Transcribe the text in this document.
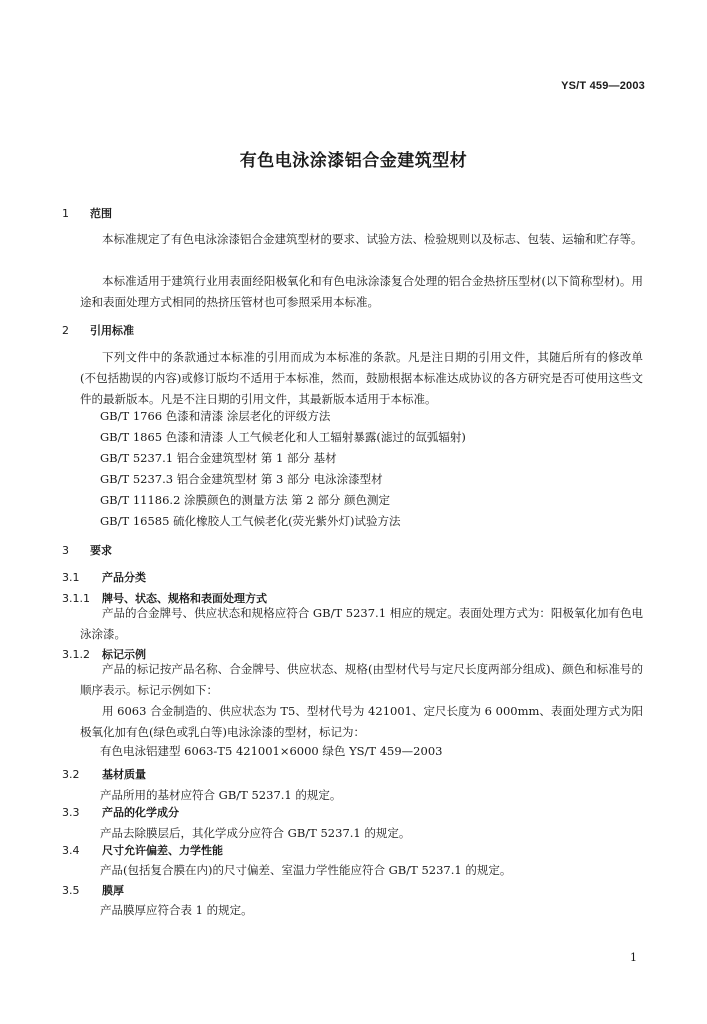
YS/T 459—2003
有色电泳涂漆铝合金建筑型材
1 范围
本标准规定了有色电泳涂漆铝合金建筑型材的要求、试验方法、检验规则以及标志、包装、运输和贮存等。
本标准适用于建筑行业用表面经阳极氧化和有色电泳涂漆复合处理的铝合金热挤压型材(以下简称型材)。用途和表面处理方式相同的热挤压管材也可参照采用本标准。
2 引用标准
下列文件中的条款通过本标准的引用而成为本标准的条款。凡是注日期的引用文件，其随后所有的修改单(不包括勘误的内容)或修订版均不适用于本标准，然而，鼓励根据本标准达成协议的各方研究是否可使用这些文件的最新版本。凡是不注日期的引用文件，其最新版本适用于本标准。
GB/T 1766 色漆和清漆 涂层老化的评级方法
GB/T 1865 色漆和清漆 人工气候老化和人工辐射暴露(滤过的氙弧辐射)
GB/T 5237.1 铝合金建筑型材 第 1 部分 基材
GB/T 5237.3 铝合金建筑型材 第 3 部分 电泳涂漆型材
GB/T 11186.2 涂膜颜色的测量方法 第 2 部分 颜色测定
GB/T 16585 硫化橡胶人工气候老化(荧光紫外灯)试验方法
3 要求
3.1 产品分类
3.1.1 牌号、状态、规格和表面处理方式
产品的合金牌号、供应状态和规格应符合 GB/T 5237.1 相应的规定。表面处理方式为：阳极氧化加有色电泳涂漆。
3.1.2 标记示例
产品的标记按产品名称、合金牌号、供应状态、规格(由型材代号与定尺长度两部分组成)、颜色和标准号的顺序表示。标记示例如下：
用 6063 合金制造的、供应状态为 T5、型材代号为 421001、定尺长度为 6 000mm、表面处理方式为阳极氧化加有色(绿色或乳白等)电泳涂漆的型材，标记为：
有色电泳铝建型 6063-T5 421001×6000 绿色 YS/T 459—2003
3.2 基材质量
产品所用的基材应符合 GB/T 5237.1 的规定。
3.3 产品的化学成分
产品去除膜层后，其化学成分应符合 GB/T 5237.1 的规定。
3.4 尺寸允许偏差、力学性能
产品(包括复合膜在内)的尺寸偏差、室温力学性能应符合 GB/T 5237.1 的规定。
3.5 膜厚
产品膜厚应符合表 1 的规定。
1
